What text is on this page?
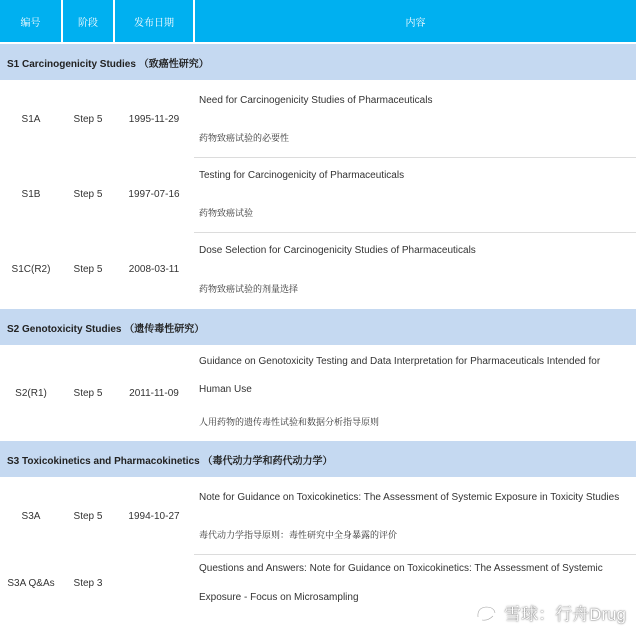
编号	阶段	发布日期	内容
S1 Carcinogenicity Studies （致癌性研究）			
S1A	Step 5	1995-11-29	Need for Carcinogenicity Studies of Pharmaceuticals

			药物致癌试验的必要性

S1B	Step 5	1997-07-16	Testing for Carcinogenicity of Pharmaceuticals

			药物致癌试验

S1C(R2)	Step 5	2008-03-11	Dose Selection for Carcinogenicity Studies of Pharmaceuticals

			药物致癌试验的剂量选择

S2 Genotoxicity Studies （遗传毒性研究）			
S2(R1)	Step 5	2011-11-09	Guidance on Genotoxicity Testing and Data Interpretation for Pharmaceuticals Intended for
			Human Use

			人用药物的遗传毒性试验和数据分析指导原则

S3 Toxicokinetics and Pharmacokinetics （毒代动力学和药代动力学）			
S3A	Step 5	1994-10-27	Note for Guidance on Toxicokinetics: The Assessment of Systemic Exposure in Toxicity Studies

			毒代动力学指导原则：毒性研究中全身暴露的评价

S3A Q&As	Step 3		Questions and Answers: Note for Guidance on Toxicokinetics: The Assessment of Systemic
			Exposure - Focus on Microsampling
雪球：行舟Drug
